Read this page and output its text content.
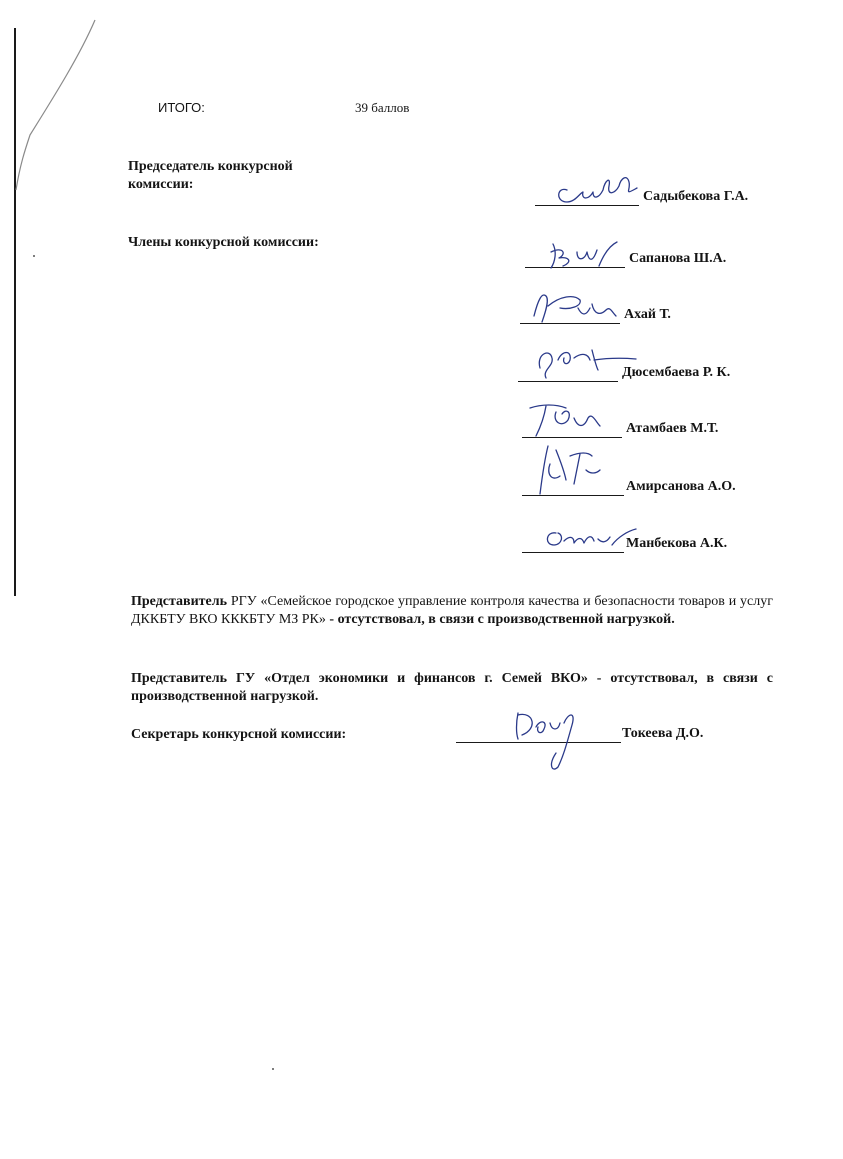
ИТОГО:	39 баллов
Председатель конкурсной комиссии:
Садыбекова Г.А.
Члены конкурсной комиссии:
Сапанова Ш.А.
Ахай Т.
Дюсембаева Р. К.
Атамбаев М.Т.
Амирсанова А.О.
Манбекова А.К.
Представитель РГУ «Семейское городское управление контроля качества и безопасности товаров и услуг ДККБТУ ВКО КККБТУ МЗ РК» - отсутствовал, в связи с производственной нагрузкой.
Представитель ГУ «Отдел экономики и финансов г. Семей ВКО» - отсутствовал, в связи с производственной нагрузкой.
Секретарь конкурсной комиссии:	Токеева Д.О.
